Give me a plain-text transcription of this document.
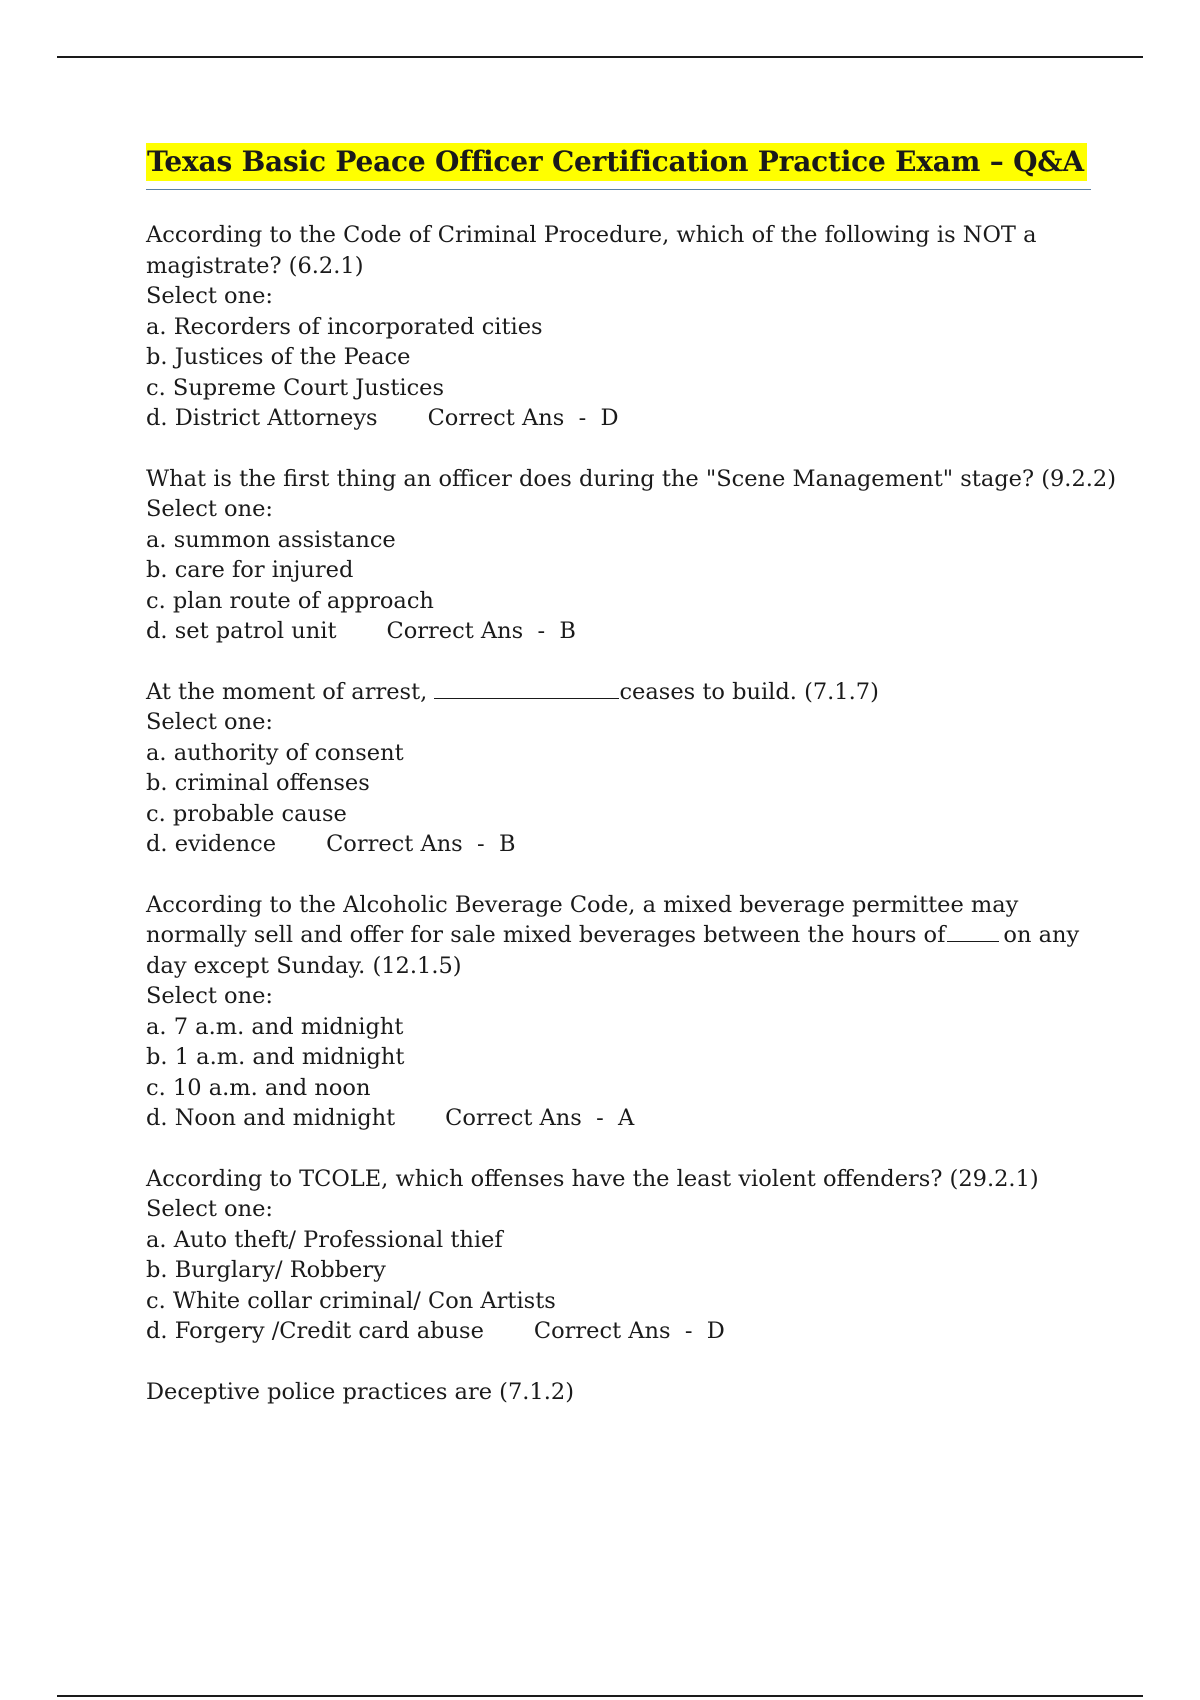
Texas Basic Peace Officer Certification Practice Exam – Q&A
According to the Code of Criminal Procedure, which of the following is NOT a
magistrate? (6.2.1)
Select one:
a. Recorders of incorporated cities
b. Justices of the Peace
c. Supreme Court Justices
d. District Attorneys Correct Ans  -  D
What is the first thing an officer does during the "Scene Management" stage? (9.2.2)
Select one:
a. summon assistance
b. care for injured
c. plan route of approach
d. set patrol unit Correct Ans  -  B
At the moment of arrest,	ceases to build. (7.1.7)
Select one:
a. authority of consent
b. criminal offenses
c. probable cause
d. evidence Correct Ans  -  B
According to the Alcoholic Beverage Code, a mixed beverage permittee may
normally sell and offer for sale mixed beverages between the hours of	on any
day except Sunday. (12.1.5)
Select one:
a. 7 a.m. and midnight
b. 1 a.m. and midnight
c. 10 a.m. and noon
d. Noon and midnight Correct Ans  -  A
According to TCOLE, which offenses have the least violent offenders? (29.2.1)
Select one:
a. Auto theft/ Professional thief
b. Burglary/ Robbery
c. White collar criminal/ Con Artists
d. Forgery /Credit card abuse Correct Ans  -  D
Deceptive police practices are (7.1.2)
